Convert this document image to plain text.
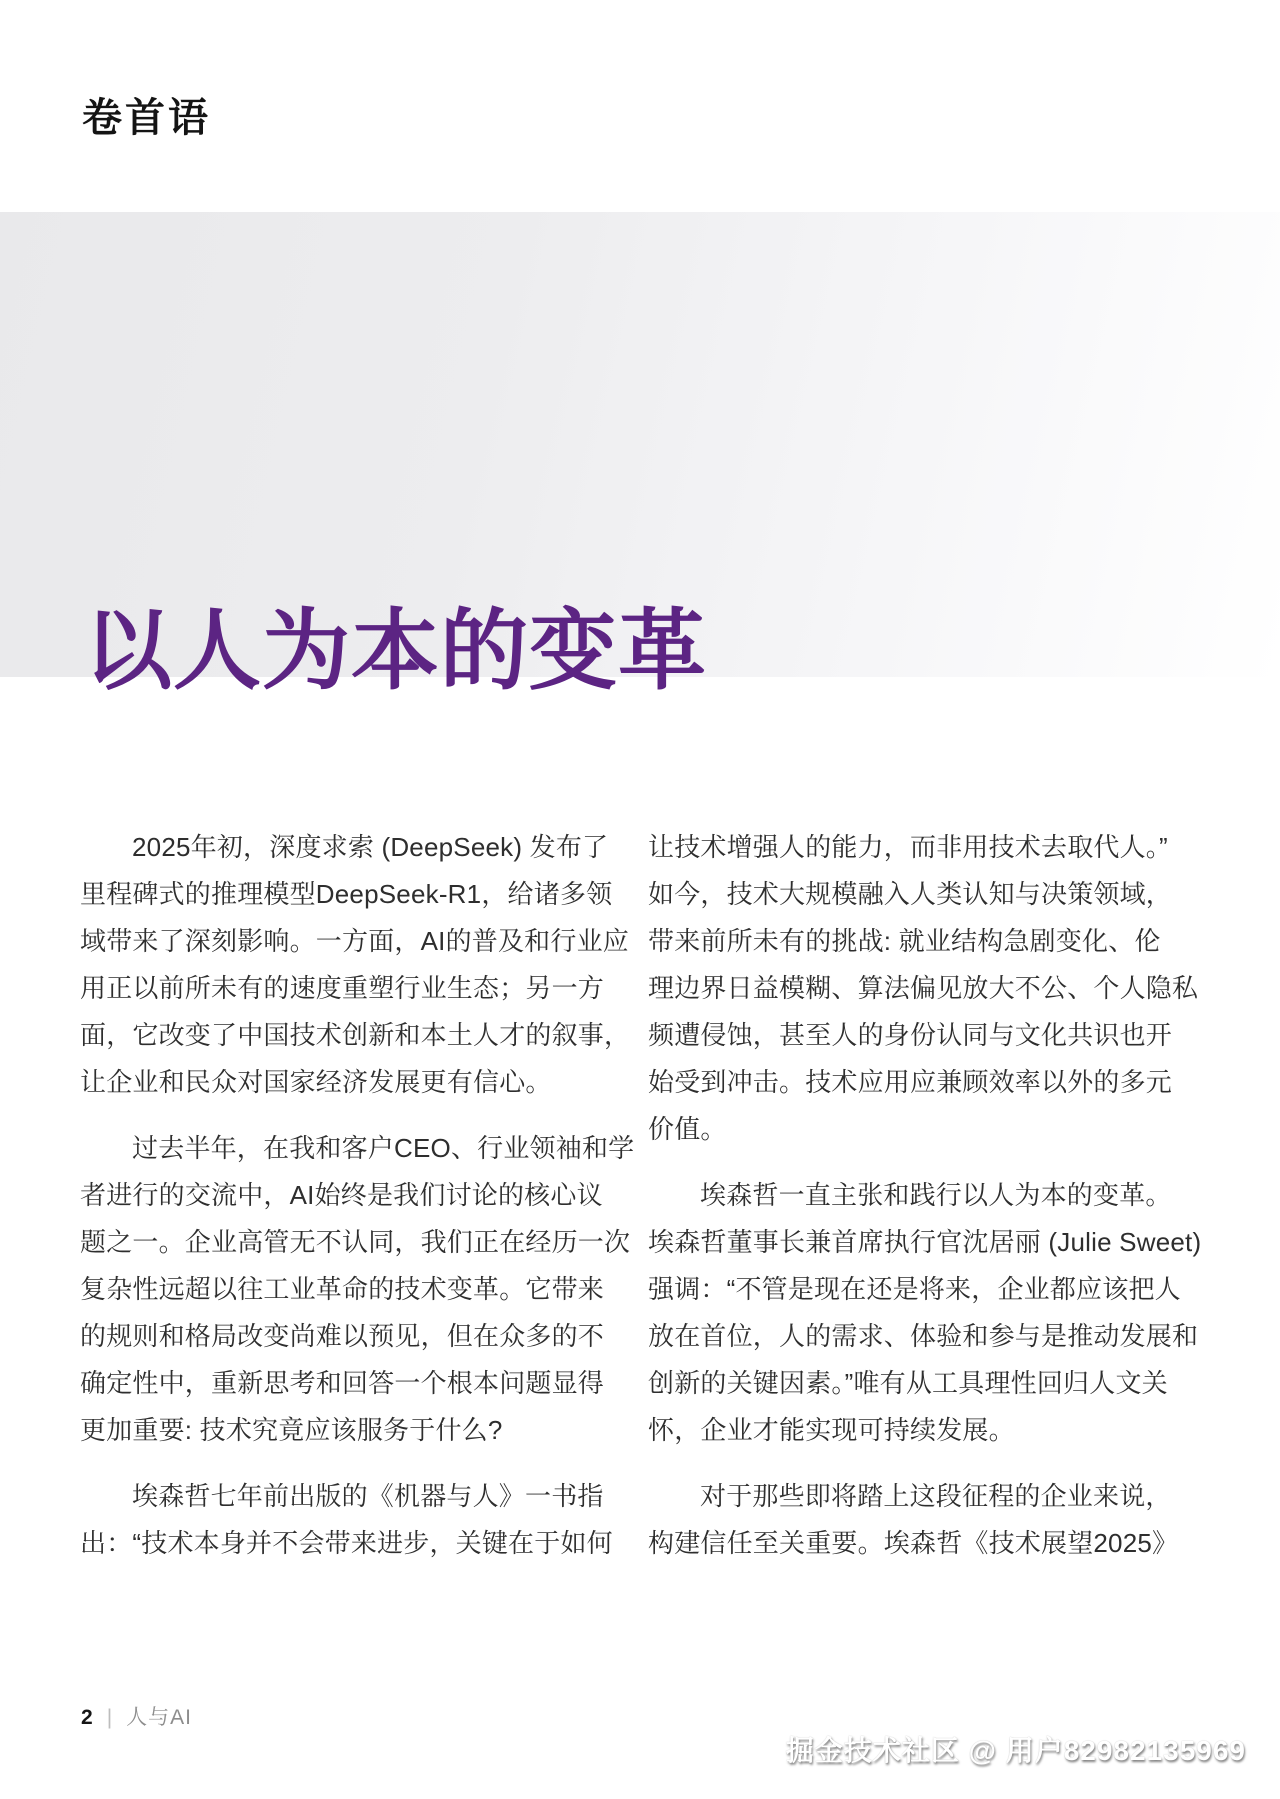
卷首语
以人为本的变革
2025年初，深度求索 (DeepSeek) 发布了
里程碑式的推理模型DeepSeek-R1，给诸多领
域带来了深刻影响。一方面，AI的普及和行业应
用正以前所未有的速度重塑行业生态；另一方
面，它改变了中国技术创新和本土人才的叙事，
让企业和民众对国家经济发展更有信心。
过去半年，在我和客户CEO、行业领袖和学
者进行的交流中，AI始终是我们讨论的核心议
题之一。企业高管无不认同，我们正在经历一次
复杂性远超以往工业革命的技术变革。它带来
的规则和格局改变尚难以预见，但在众多的不
确定性中，重新思考和回答一个根本问题显得
更加重要: 技术究竟应该服务于什么?
埃森哲七年前出版的《机器与人》一书指
出：“技术本身并不会带来进步，关键在于如何
让技术增强人的能力，而非用技术去取代人。”
如今，技术大规模融入人类认知与决策领域，
带来前所未有的挑战: 就业结构急剧变化、伦
理边界日益模糊、算法偏见放大不公、个人隐私
频遭侵蚀，甚至人的身份认同与文化共识也开
始受到冲击。技术应用应兼顾效率以外的多元
价值。
埃森哲一直主张和践行以人为本的变革。
埃森哲董事长兼首席执行官沈居丽 (Julie Sweet)
强调：“不管是现在还是将来，企业都应该把人
放在首位，人的需求、体验和参与是推动发展和
创新的关键因素。”唯有从工具理性回归人文关
怀，企业才能实现可持续发展。
对于那些即将踏上这段征程的企业来说，
构建信任至关重要。埃森哲《技术展望2025》
2 | 人与AI
掘金技术社区 @ 用户82982135969
